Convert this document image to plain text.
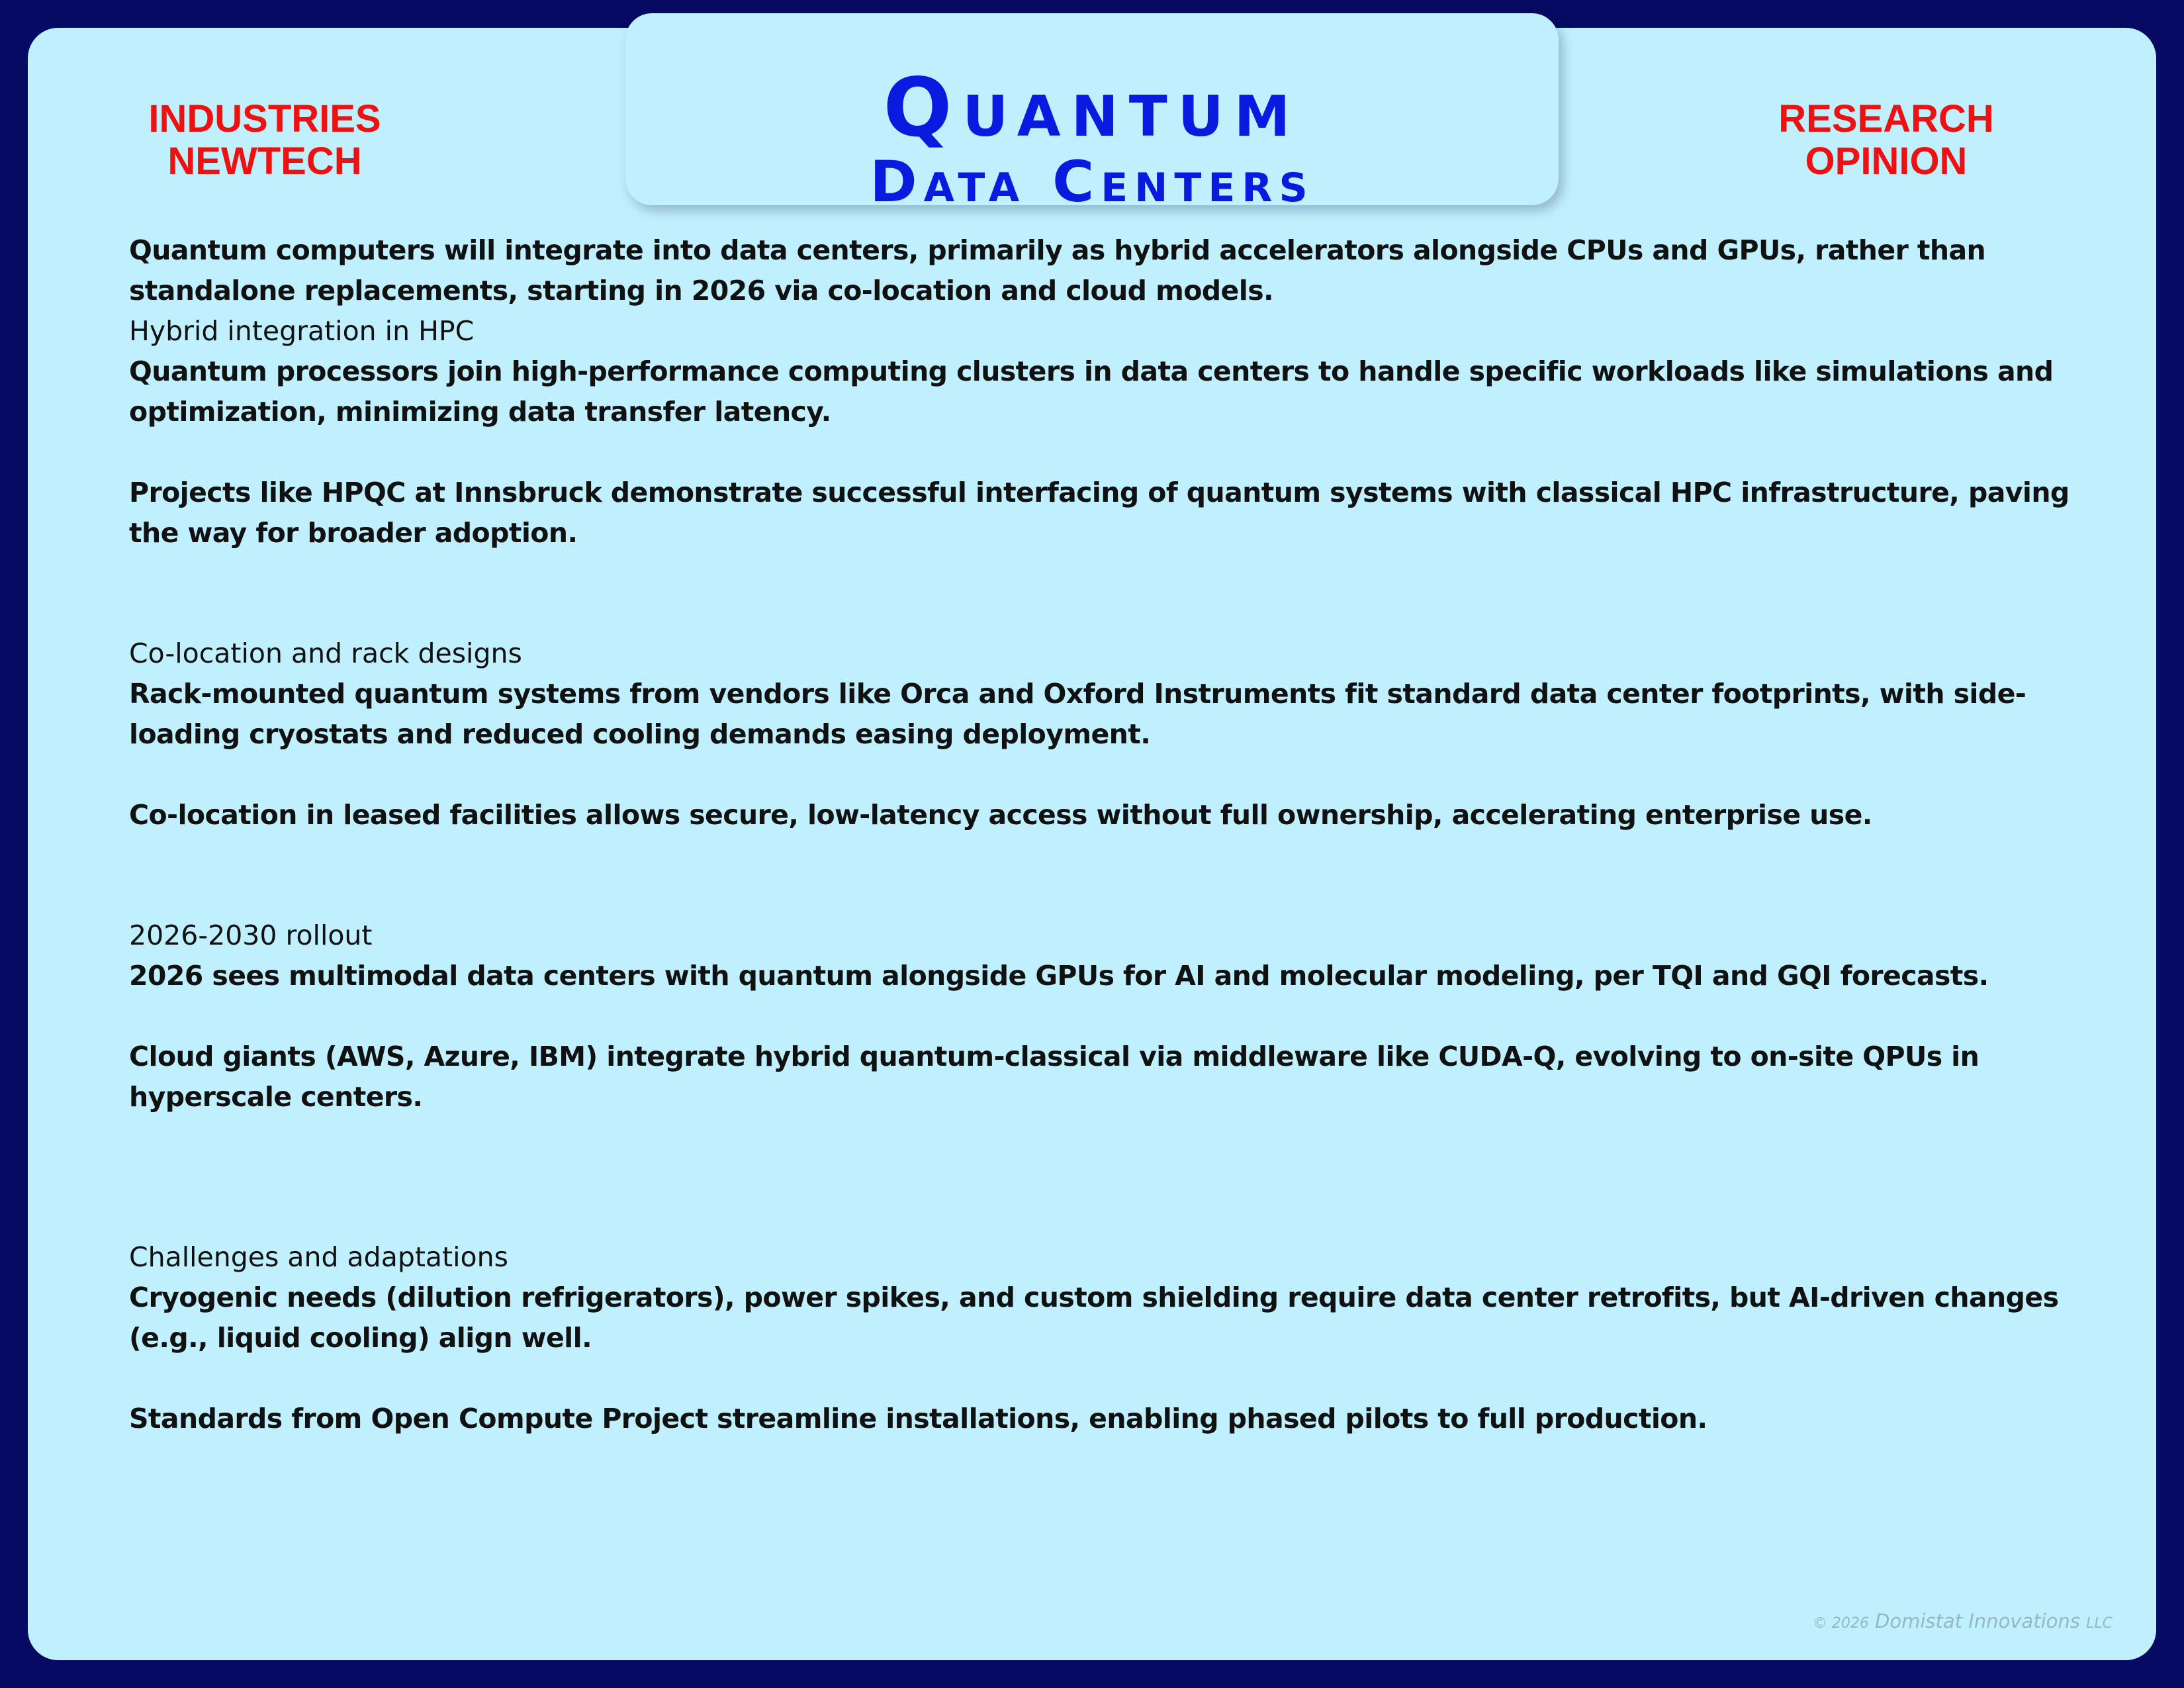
Quantum
Data Centers
INDUSTRIES
NEWTECH
RESEARCH
OPINION

Quantum computers will integrate into data centers, primarily as hybrid accelerators alongside CPUs and GPUs, rather than standalone replacements, starting in 2026 via co-location and cloud models.

Hybrid integration in HPC

Quantum processors join high-performance computing clusters in data centers to handle specific workloads like simulations and optimization, minimizing data transfer latency.

Projects like HPQC at Innsbruck demonstrate successful interfacing of quantum systems with classical HPC infrastructure, paving the way for broader adoption.

Co-location and rack designs

Rack-mounted quantum systems from vendors like Orca and Oxford Instruments fit standard data center footprints, with side-loading cryostats and reduced cooling demands easing deployment.

Co-location in leased facilities allows secure, low-latency access without full ownership, accelerating enterprise use.

2026-2030 rollout

2026 sees multimodal data centers with quantum alongside GPUs for AI and molecular modeling, per TQI and GQI forecasts.

Cloud giants (AWS, Azure, IBM) integrate hybrid quantum-classical via middleware like CUDA-Q, evolving to on-site QPUs in hyperscale centers.

Challenges and adaptations

Cryogenic needs (dilution refrigerators), power spikes, and custom shielding require data center retrofits, but AI-driven changes (e.g., liquid cooling) align well.

Standards from Open Compute Project streamline installations, enabling phased pilots to full production.

© 2026 Domistat Innovations LLC
